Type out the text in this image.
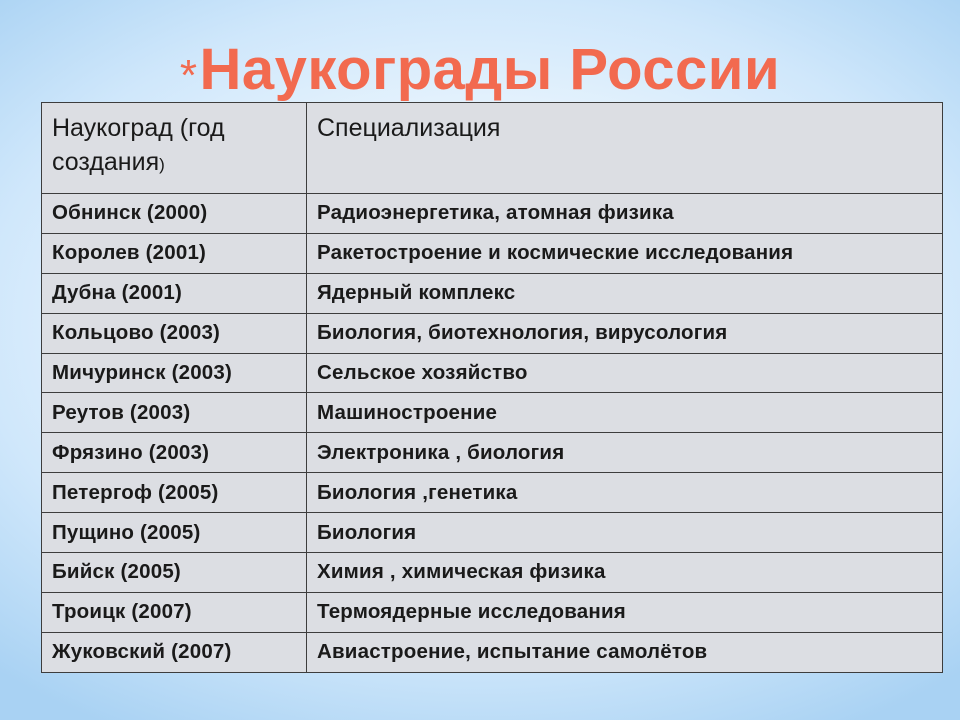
*Наукограды России
Наукоград (год создания)	Специализация
Обнинск (2000)	Радиоэнергетика, атомная физика
Королев (2001)	Ракетостроение и космические исследования
Дубна (2001)	Ядерный комплекс
Кольцово (2003)	Биология, биотехнология, вирусология
Мичуринск (2003)	Сельское хозяйство
Реутов (2003)	Машиностроение
Фрязино (2003)	Электроника , биология
Петергоф (2005)	Биология ,генетика
Пущино (2005)	Биология
Бийск (2005)	Химия , химическая физика
Троицк (2007)	Термоядерные исследования
Жуковский (2007)	Авиастроение, испытание самолётов
